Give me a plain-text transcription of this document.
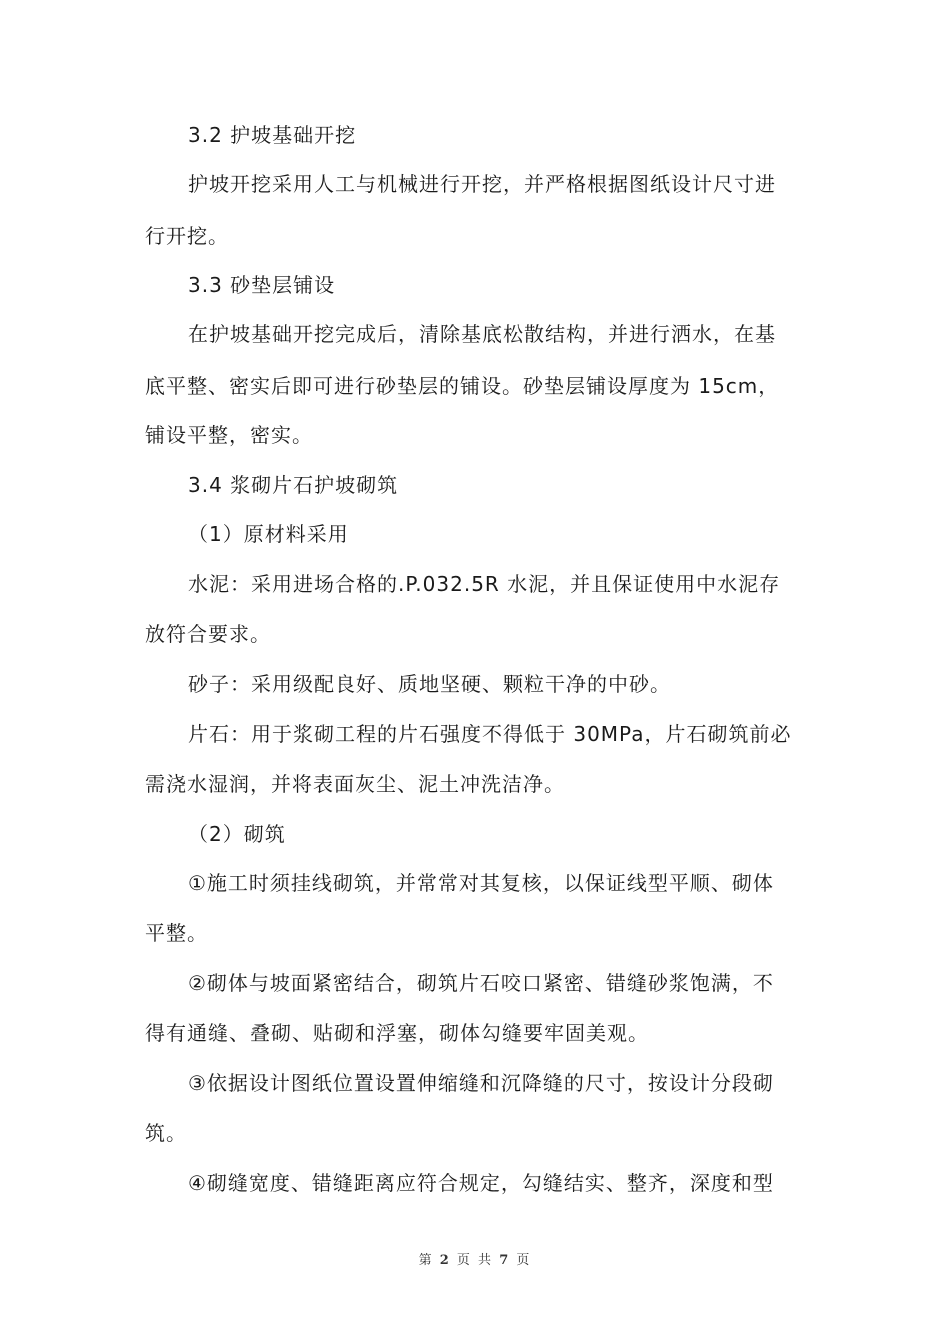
3.2 护坡基础开挖

护坡开挖采用人工与机械进行开挖，并严格根据图纸设计尺寸进

行开挖。

3.3 砂垫层铺设

在护坡基础开挖完成后，清除基底松散结构，并进行洒水，在基

底平整、密实后即可进行砂垫层的铺设。砂垫层铺设厚度为 15cm，

铺设平整，密实。

3.4 浆砌片石护坡砌筑

（1）原材料采用

水泥：采用进场合格的.P.032.5R 水泥，并且保证使用中水泥存

放符合要求。

砂子：采用级配良好、质地坚硬、颗粒干净的中砂。

片石：用于浆砌工程的片石强度不得低于 30MPa，片石砌筑前必

需浇水湿润，并将表面灰尘、泥土冲洗洁净。

（2）砌筑

①施工时须挂线砌筑，并常常对其复核，以保证线型平顺、砌体

平整。

②砌体与坡面紧密结合，砌筑片石咬口紧密、错缝砂浆饱满，不

得有通缝、叠砌、贴砌和浮塞，砌体勾缝要牢固美观。

③依据设计图纸位置设置伸缩缝和沉降缝的尺寸，按设计分段砌

筑。

④砌缝宽度、错缝距离应符合规定，勾缝结实、整齐，深度和型

第 2 页 共 7 页
